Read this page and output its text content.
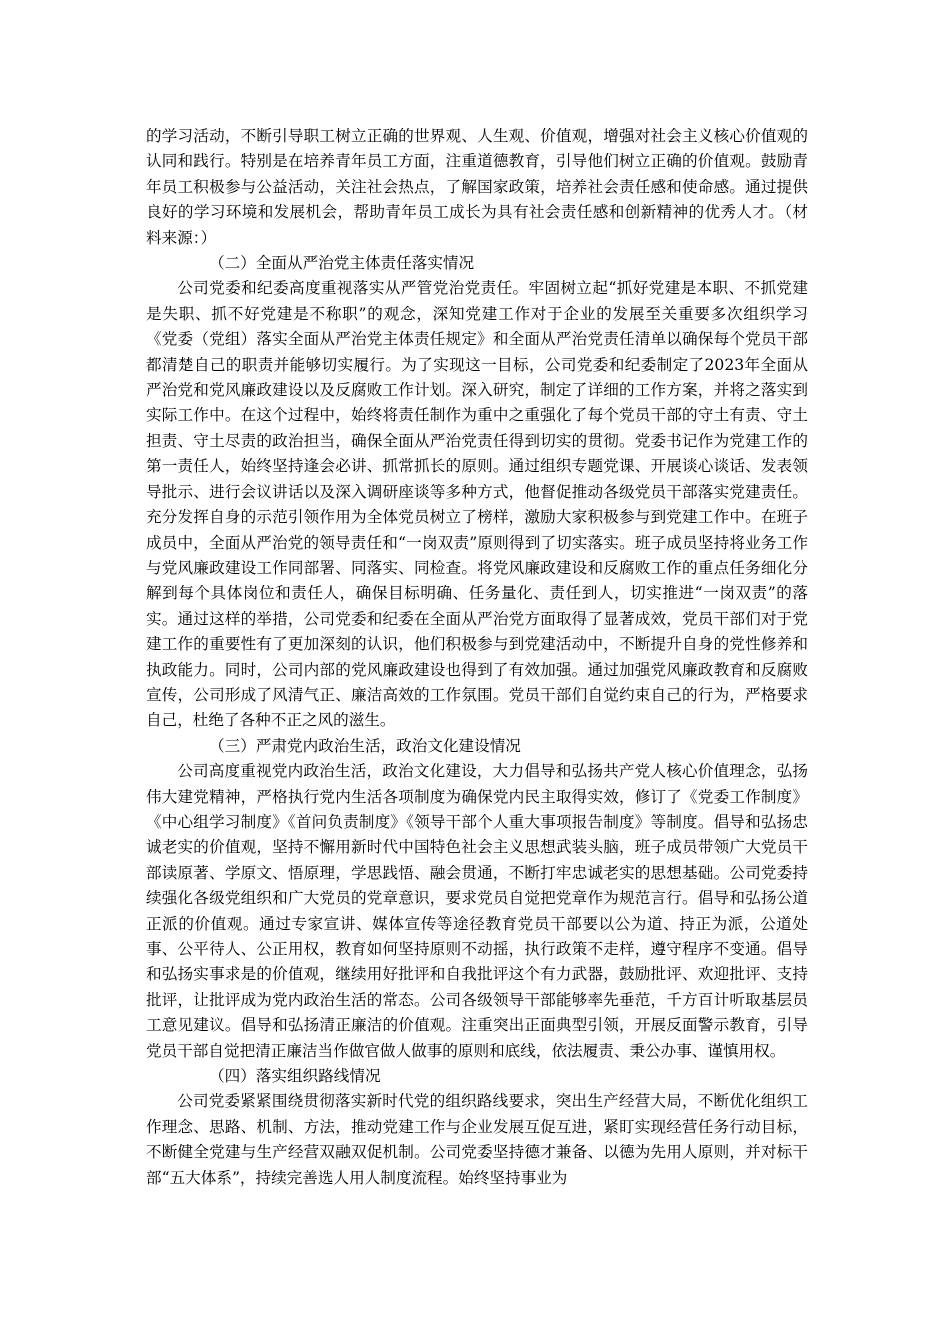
的学习活动，不断引导职工树立正确的世界观、人生观、价值观，增强对社会主义核心价值观的认同和践行。特别是在培养青年员工方面，注重道德教育，引导他们树立正确的价值观。鼓励青年员工积极参与公益活动，关注社会热点，了解国家政策，培养社会责任感和使命感。通过提供良好的学习环境和发展机会，帮助青年员工成长为具有社会责任感和创新精神的优秀人才。（材料来源：）

（二）全面从严治党主体责任落实情况

公司党委和纪委高度重视落实从严管党治党责任。牢固树立起“抓好党建是本职、不抓党建是失职、抓不好党建是不称职”的观念，深知党建工作对于企业的发展至关重要多次组织学习《党委（党组）落实全面从严治党主体责任规定》和全面从严治党责任清单以确保每个党员干部都清楚自己的职责并能够切实履行。为了实现这一目标，公司党委和纪委制定了2023年全面从严治党和党风廉政建设以及反腐败工作计划。深入研究，制定了详细的工作方案，并将之落实到实际工作中。在这个过程中，始终将责任制作为重中之重强化了每个党员干部的守土有责、守土担责、守土尽责的政治担当，确保全面从严治党责任得到切实的贯彻。党委书记作为党建工作的第一责任人，始终坚持逢会必讲、抓常抓长的原则。通过组织专题党课、开展谈心谈话、发表领导批示、进行会议讲话以及深入调研座谈等多种方式，他督促推动各级党员干部落实党建责任。充分发挥自身的示范引领作用为全体党员树立了榜样，激励大家积极参与到党建工作中。在班子成员中，全面从严治党的领导责任和“一岗双责”原则得到了切实落实。班子成员坚持将业务工作与党风廉政建设工作同部署、同落实、同检查。将党风廉政建设和反腐败工作的重点任务细化分解到每个具体岗位和责任人，确保目标明确、任务量化、责任到人，切实推进“一岗双责”的落实。通过这样的举措，公司党委和纪委在全面从严治党方面取得了显著成效，党员干部们对于党建工作的重要性有了更加深刻的认识，他们积极参与到党建活动中，不断提升自身的党性修养和执政能力。同时，公司内部的党风廉政建设也得到了有效加强。通过加强党风廉政教育和反腐败宣传，公司形成了风清气正、廉洁高效的工作氛围。党员干部们自觉约束自己的行为，严格要求自己，杜绝了各种不正之风的滋生。

（三）严肃党内政治生活，政治文化建设情况

公司高度重视党内政治生活，政治文化建设，大力倡导和弘扬共产党人核心价值理念，弘扬伟大建党精神，严格执行党内生活各项制度为确保党内民主取得实效，修订了《党委工作制度》《中心组学习制度》《首问负责制度》《领导干部个人重大事项报告制度》等制度。倡导和弘扬忠诚老实的价值观，坚持不懈用新时代中国特色社会主义思想武装头脑，班子成员带领广大党员干部读原著、学原文、悟原理，学思践悟、融会贯通，不断打牢忠诚老实的思想基础。公司党委持续强化各级党组织和广大党员的党章意识，要求党员自觉把党章作为规范言行。倡导和弘扬公道正派的价值观。通过专家宣讲、媒体宣传等途径教育党员干部要以公为道、持正为派，公道处事、公平待人、公正用权，教育如何坚持原则不动摇，执行政策不走样，遵守程序不变通。倡导和弘扬实事求是的价值观，继续用好批评和自我批评这个有力武器，鼓励批评、欢迎批评、支持批评，让批评成为党内政治生活的常态。公司各级领导干部能够率先垂范，千方百计听取基层员工意见建议。倡导和弘扬清正廉洁的价值观。注重突出正面典型引领，开展反面警示教育，引导党员干部自觉把清正廉洁当作做官做人做事的原则和底线，依法履责、秉公办事、谨慎用权。

（四）落实组织路线情况

公司党委紧紧围绕贯彻落实新时代党的组织路线要求，突出生产经营大局，不断优化组织工作理念、思路、机制、方法，推动党建工作与企业发展互促互进，紧盯实现经营任务行动目标，不断健全党建与生产经营双融双促机制。公司党委坚持德才兼备、以德为先用人原则，并对标干部“五大体系”，持续完善选人用人制度流程。始终坚持事业为
